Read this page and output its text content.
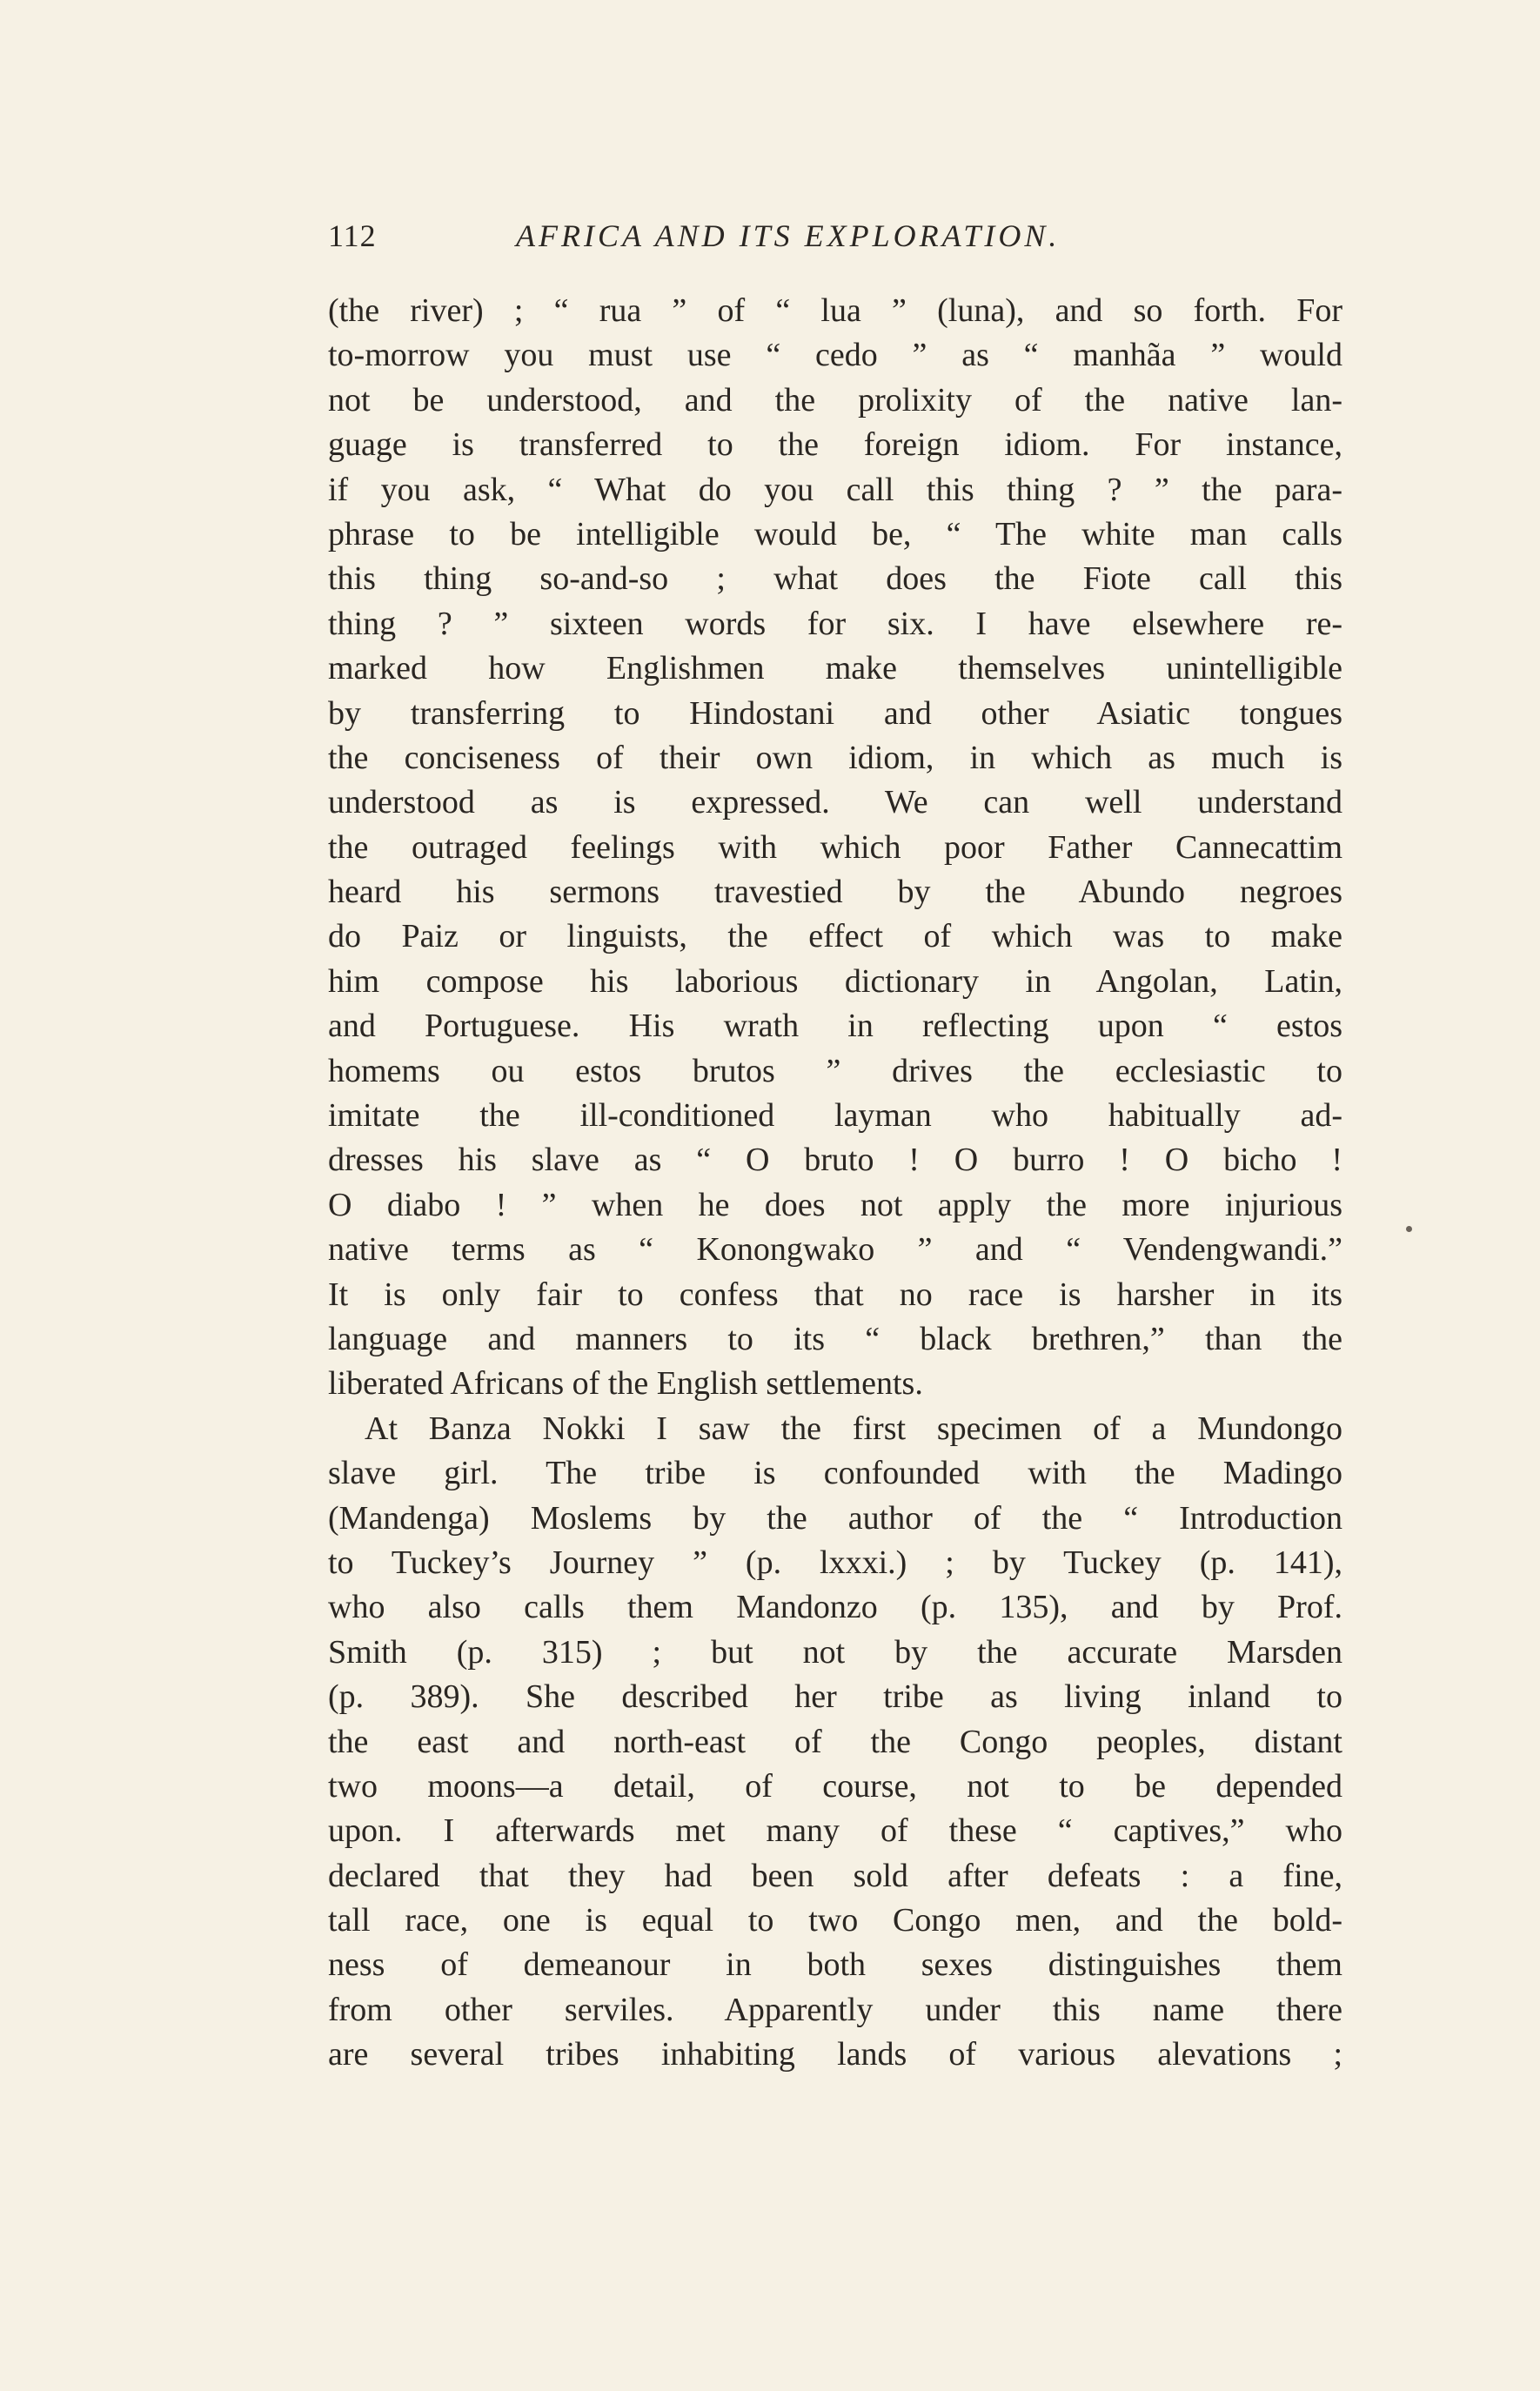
112	AFRICA AND ITS EXPLORATION.
(the river) ; “ rua ” of “ lua ” (luna), and so forth. For
to-morrow you must use “ cedo ” as “ manhãa ” would
not be understood, and the prolixity of the native lan-
guage is transferred to the foreign idiom. For instance,
if you ask, “ What do you call this thing ? ” the para-
phrase to be intelligible would be, “ The white man calls
this thing so-and-so ; what does the Fiote call this
thing ? ” sixteen words for six. I have elsewhere re-
marked how Englishmen make themselves unintelligible
by transferring to Hindostani and other Asiatic tongues
the conciseness of their own idiom, in which as much is
understood as is expressed. We can well understand
the outraged feelings with which poor Father Cannecattim
heard his sermons travestied by the Abundo negroes
do Paiz or linguists, the effect of which was to make
him compose his laborious dictionary in Angolan, Latin,
and Portuguese. His wrath in reflecting upon “ estos
homems ou estos brutos ” drives the ecclesiastic to
imitate the ill-conditioned layman who habitually ad-
dresses his slave as “ O bruto ! O burro ! O bicho !
O diabo ! ” when he does not apply the more injurious
native terms as “ Konongwako ” and “ Vendengwandi.”
It is only fair to confess that no race is harsher in its
language and manners to its “ black brethren,” than the
liberated Africans of the English settlements.
At Banza Nokki I saw the first specimen of a Mundongo
slave girl. The tribe is confounded with the Madingo
(Mandenga) Moslems by the author of the “ Introduction
to Tuckey’s Journey ” (p. lxxxi.) ; by Tuckey (p. 141),
who also calls them Mandonzo (p. 135), and by Prof.
Smith (p. 315) ; but not by the accurate Marsden
(p. 389). She described her tribe as living inland to
the east and north-east of the Congo peoples, distant
two moons—a detail, of course, not to be depended
upon. I afterwards met many of these “ captives,” who
declared that they had been sold after defeats : a fine,
tall race, one is equal to two Congo men, and the bold-
ness of demeanour in both sexes distinguishes them
from other serviles. Apparently under this name there
are several tribes inhabiting lands of various alevations ;
